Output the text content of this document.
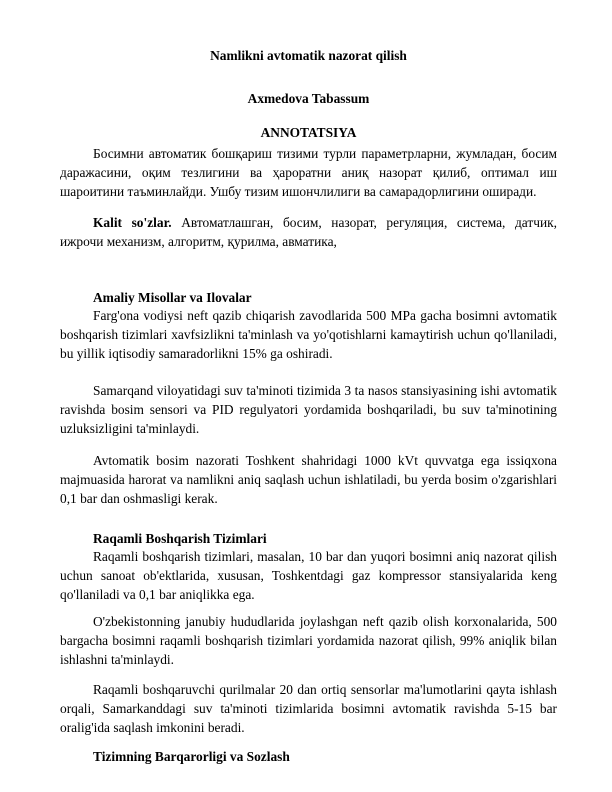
Namlikni avtomatik nazorat qilish
Axmedova Tabassum
ANNOTATSIYA

Босимни автоматик бошқариш тизими турли параметрларни, жумладан, босим даражасини, оқим тезлигини ва ҳароратни аниқ назорат қилиб, оптимал иш шароитини таъминлайди. Ушбу тизим ишончлилиги ва самарадорлигини оширади.

Kalit so'zlar. Автоматлашган, босим, назорат, регуляция, система, датчик, ижрочи механизм, алгоритм, қурилма, авматика,

Amaliy Misollar va Ilovalar

Farg'ona vodiysi neft qazib chiqarish zavodlarida 500 MPa gacha bosimni avtomatik boshqarish tizimlari xavfsizlikni ta'minlash va yo'qotishlarni kamaytirish uchun qo'llaniladi, bu yillik iqtisodiy samaradorlikni 15% ga oshiradi.

Samarqand viloyatidagi suv ta'minoti tizimida 3 ta nasos stansiyasining ishi avtomatik ravishda bosim sensori va PID regulyatori yordamida boshqariladi, bu suv ta'minotining uzluksizligini ta'minlaydi.

Avtomatik bosim nazorati Toshkent shahridagi 1000 kVt quvvatga ega issiqxona majmuasida harorat va namlikni aniq saqlash uchun ishlatiladi, bu yerda bosim o'zgarishlari 0,1 bar dan oshmasligi kerak.

Raqamli Boshqarish Tizimlari

Raqamli boshqarish tizimlari, masalan, 10 bar dan yuqori bosimni aniq nazorat qilish uchun sanoat ob'ektlarida, xususan, Toshkentdagi gaz kompressor stansiyalarida keng qo'llaniladi va 0,1 bar aniqlikka ega.

O'zbekistonning janubiy hududlarida joylashgan neft qazib olish korxonalarida, 500 bargacha bosimni raqamli boshqarish tizimlari yordamida nazorat qilish, 99% aniqlik bilan ishlashni ta'minlaydi.

Raqamli boshqaruvchi qurilmalar 20 dan ortiq sensorlar ma'lumotlarini qayta ishlash orqali, Samarkanddagi suv ta'minoti tizimlarida bosimni avtomatik ravishda 5-15 bar oralig'ida saqlash imkonini beradi.

Tizimning Barqarorligi va Sozlash
